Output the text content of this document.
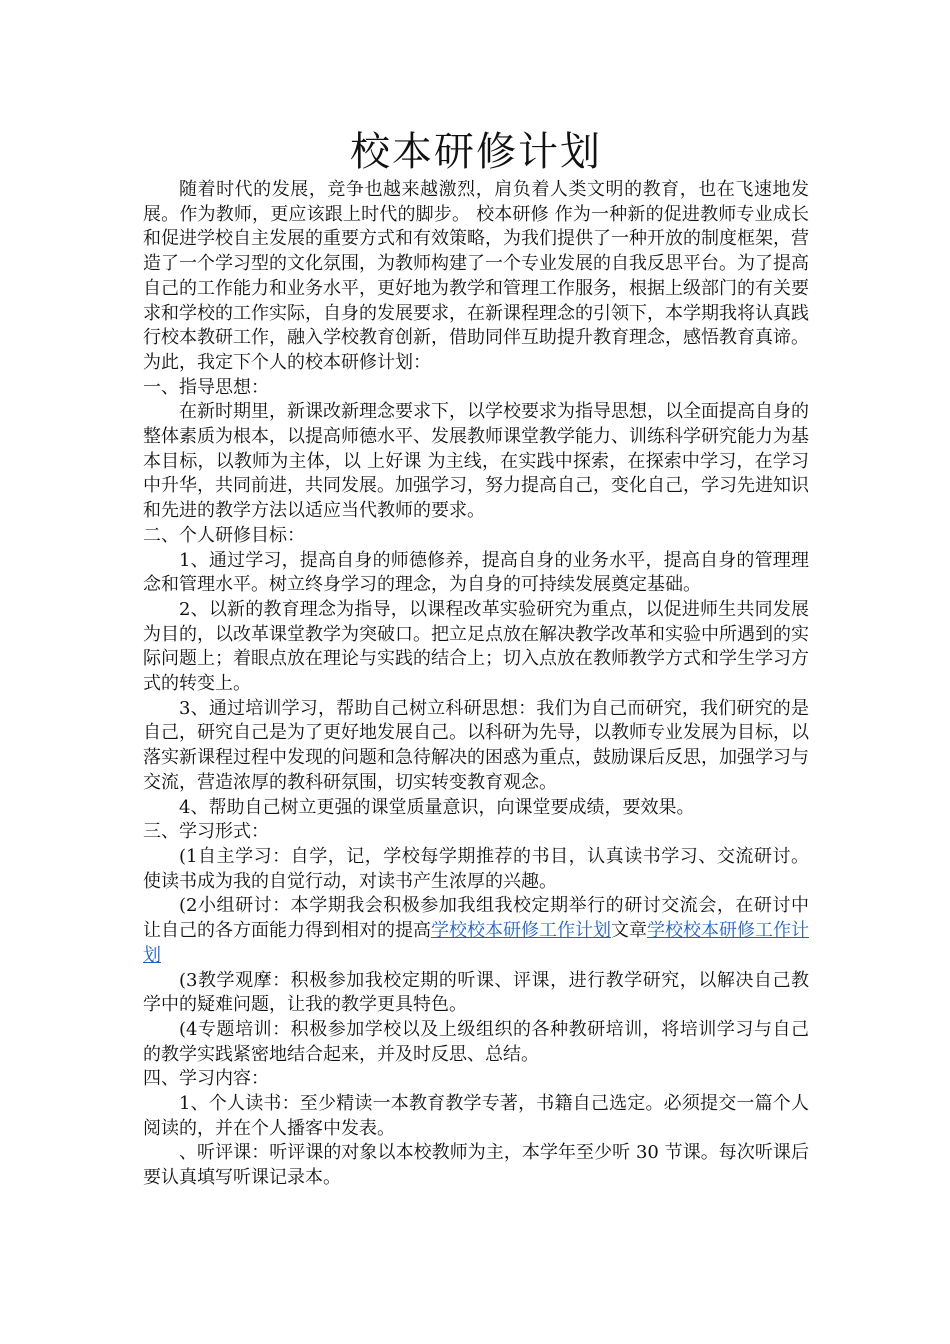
校本研修计划

随着时代的发展，竞争也越来越激烈，肩负着人类文明的教育，也在飞速地发展。作为教师，更应该跟上时代的脚步。 校本研修 作为一种新的促进教师专业成长和促进学校自主发展的重要方式和有效策略，为我们提供了一种开放的制度框架，营造了一个学习型的文化氛围，为教师构建了一个专业发展的自我反思平台。为了提高自己的工作能力和业务水平，更好地为教学和管理工作服务，根据上级部门的有关要求和学校的工作实际，自身的发展要求，在新课程理念的引领下，本学期我将认真践行校本教研工作，融入学校教育创新，借助同伴互助提升教育理念，感悟教育真谛。为此，我定下个人的校本研修计划：

一、指导思想：

在新时期里，新课改新理念要求下，以学校要求为指导思想，以全面提高自身的整体素质为根本，以提高师德水平、发展教师课堂教学能力、训练科学研究能力为基本目标，以教师为主体，以 上好课 为主线，在实践中探索，在探索中学习，在学习中升华，共同前进，共同发展。加强学习，努力提高自己，变化自己，学习先进知识和先进的教学方法以适应当代教师的要求。

二、个人研修目标：

1、通过学习，提高自身的师德修养，提高自身的业务水平，提高自身的管理理念和管理水平。树立终身学习的理念，为自身的可持续发展奠定基础。

2、以新的教育理念为指导，以课程改革实验研究为重点，以促进师生共同发展为目的，以改革课堂教学为突破口。把立足点放在解决教学改革和实验中所遇到的实际问题上；着眼点放在理论与实践的结合上；切入点放在教师教学方式和学生学习方式的转变上。

3、通过培训学习，帮助自己树立科研思想：我们为自己而研究，我们研究的是自己，研究自己是为了更好地发展自己。以科研为先导，以教师专业发展为目标，以落实新课程过程中发现的问题和急待解决的困惑为重点，鼓励课后反思，加强学习与交流，营造浓厚的教科研氛围，切实转变教育观念。

4、帮助自己树立更强的课堂质量意识，向课堂要成绩，要效果。

三、学习形式：

(1自主学习：自学，记，学校每学期推荐的书目，认真读书学习、交流研讨。使读书成为我的自觉行动，对读书产生浓厚的兴趣。

(2小组研讨：本学期我会积极参加我组我校定期举行的研讨交流会，在研讨中让自己的各方面能力得到相对的提高学校校本研修工作计划文章学校校本研修工作计划

(3教学观摩：积极参加我校定期的听课、评课，进行教学研究，以解决自己教学中的疑难问题，让我的教学更具特色。

(4专题培训：积极参加学校以及上级组织的各种教研培训，将培训学习与自己的教学实践紧密地结合起来，并及时反思、总结。

四、学习内容：

1、个人读书：至少精读一本教育教学专著，书籍自己选定。必须提交一篇个人阅读的，并在个人播客中发表。

、听评课：听评课的对象以本校教师为主，本学年至少听 30 节课。每次听课后要认真填写听课记录本。
